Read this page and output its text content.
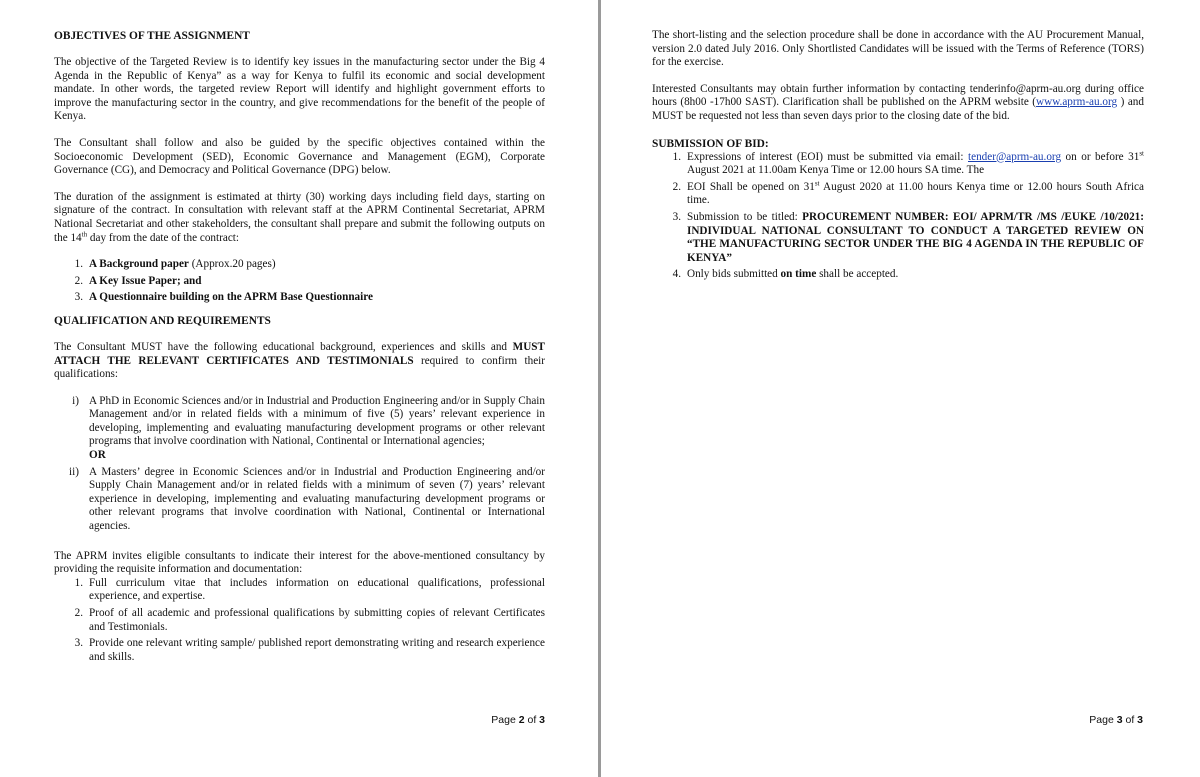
OBJECTIVES OF THE ASSIGNMENT

The objective of the Targeted Review is to identify key issues in the manufacturing sector under the Big 4 Agenda in the Republic of Kenya” as a way for Kenya to fulfil its economic and social development mandate. In other words, the targeted review Report will identify and highlight government efforts to improve the manufacturing sector in the country, and give recommendations for the benefit of the people of Kenya.

The Consultant shall follow and also be guided by the specific objectives contained within the Socioeconomic Development (SED), Economic Governance and Management (EGM), Corporate Governance (CG), and Democracy and Political Governance (DPG) below.

The duration of the assignment is estimated at thirty (30) working days including field days, starting on signature of the contract. In consultation with relevant staff at the APRM Continental Secretariat, APRM National Secretariat and other stakeholders, the consultant shall prepare and submit the following outputs on the 14th day from the date of the contract:

1. A Background paper (Approx.20 pages)
2. A Key Issue Paper; and
3. A Questionnaire building on the APRM Base Questionnaire
QUALIFICATION AND REQUIREMENTS

The Consultant MUST have the following educational background, experiences and skills and MUST ATTACH THE RELEVANT CERTIFICATES AND TESTIMONIALS required to confirm their qualifications:

i) A PhD in Economic Sciences and/or in Industrial and Production Engineering and/or in Supply Chain Management and/or in related fields with a minimum of five (5) years’ relevant experience in developing, implementing and evaluating manufacturing development programs or other relevant programs that involve coordination with National, Continental or International agencies;
OR
ii) A Masters’ degree in Economic Sciences and/or in Industrial and Production Engineering and/or Supply Chain Management and/or in related fields with a minimum of seven (7) years’ relevant experience in developing, implementing and evaluating manufacturing development programs or other relevant programs that involve coordination with National, Continental or International agencies.

The APRM invites eligible consultants to indicate their interest for the above-mentioned consultancy by providing the requisite information and documentation:

1. Full curriculum vitae that includes information on educational qualifications, professional experience, and expertise.
2. Proof of all academic and professional qualifications by submitting copies of relevant Certificates and Testimonials.
3. Provide one relevant writing sample/ published report demonstrating writing and research experience and skills.
Page 2 of 3

The short-listing and the selection procedure shall be done in accordance with the AU Procurement Manual, version 2.0 dated July 2016. Only Shortlisted Candidates will be issued with the Terms of Reference (TORS) for the exercise.

Interested Consultants may obtain further information by contacting tenderinfo@aprm-au.org during office hours (8h00 -17h00 SAST). Clarification shall be published on the APRM website (www.aprm-au.org ) and MUST be requested not less than seven days prior to the closing date of the bid.

SUBMISSION OF BID:
1. Expressions of interest (EOI) must be submitted via email: tender@aprm-au.org on or before 31st August 2021 at 11.00am Kenya Time or 12.00 hours SA time. The
2. EOI Shall be opened on 31st August 2020 at 11.00 hours Kenya time or 12.00 hours South Africa time.
3. Submission to be titled: PROCUREMENT NUMBER: EOI/ APRM/TR /MS /EUKE /10/2021: INDIVIDUAL NATIONAL CONSULTANT TO CONDUCT A TARGETED REVIEW ON “THE MANUFACTURING SECTOR UNDER THE BIG 4 AGENDA IN THE REPUBLIC OF KENYA”
4. Only bids submitted on time shall be accepted.
Page 3 of 3
